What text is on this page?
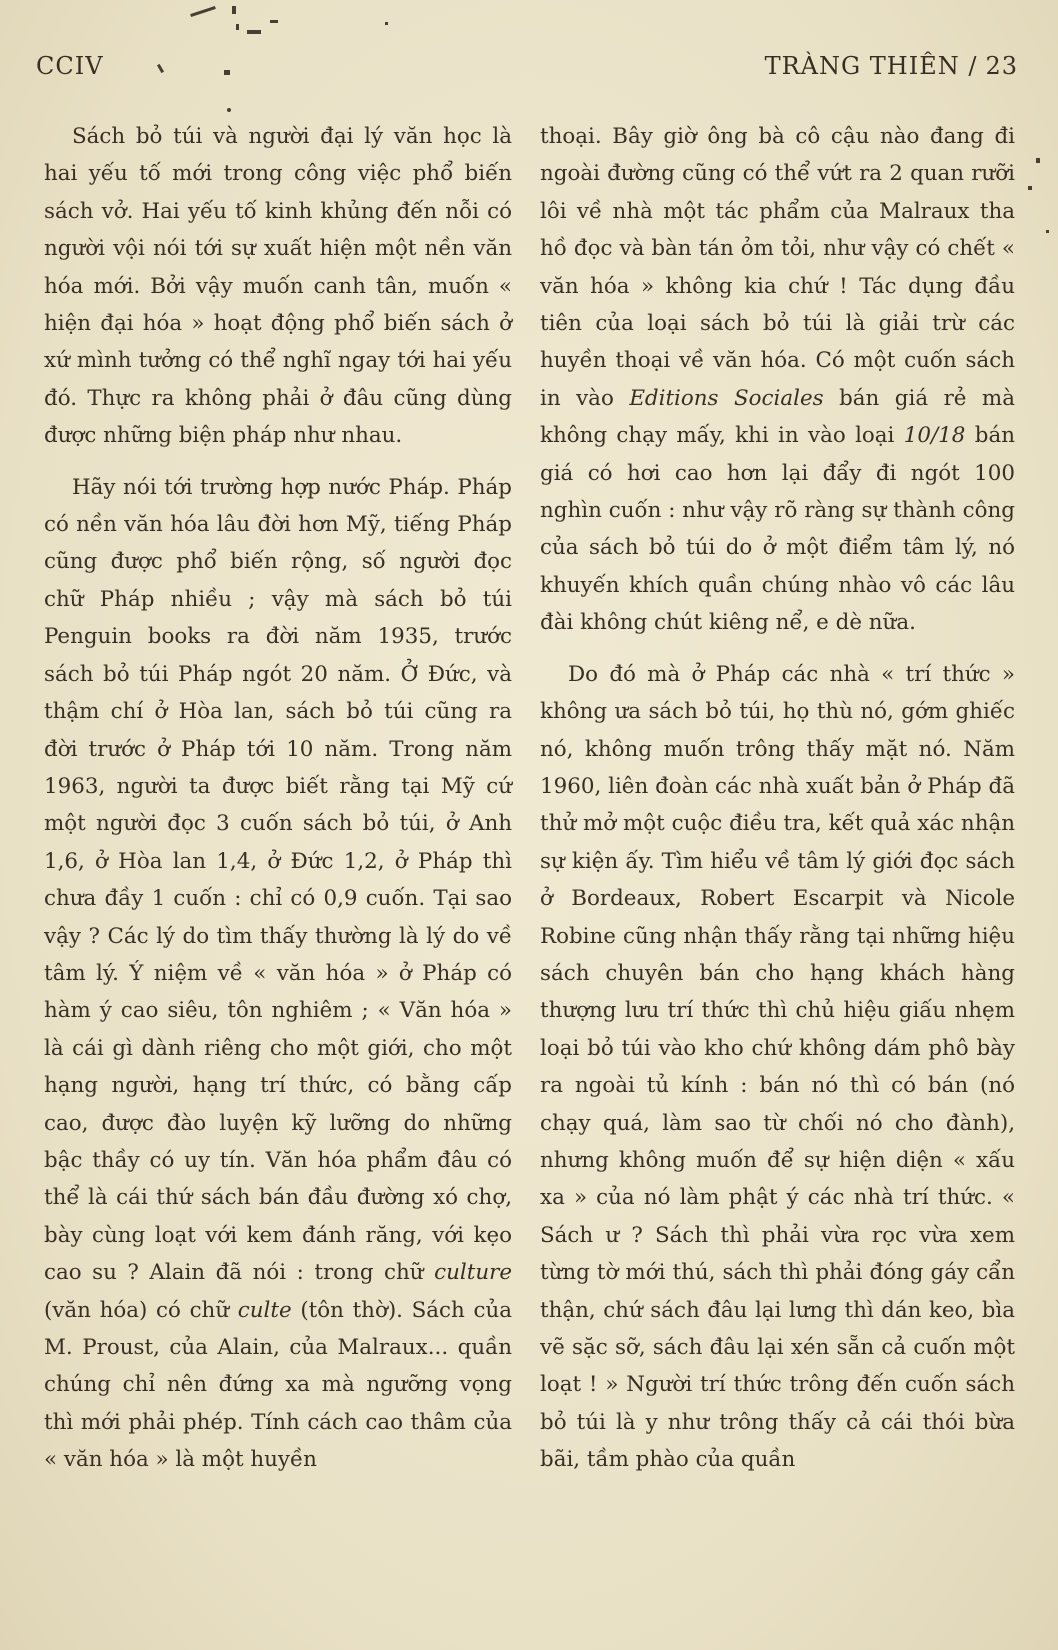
CCIV	TRÀNG THIÊN / 23

Sách bỏ túi và người đại lý văn học là hai yếu tố mới trong công việc phổ biến sách vở. Hai yếu tố kinh khủng đến nỗi có người vội nói tới sự xuất hiện một nền văn hóa mới. Bởi vậy muốn canh tân, muốn « hiện đại hóa » hoạt động phổ biến sách ở xứ mình tưởng có thể nghĩ ngay tới hai yếu đó. Thực ra không phải ở đâu cũng dùng được những biện pháp như nhau.

Hãy nói tới trường hợp nước Pháp. Pháp có nền văn hóa lâu đời hơn Mỹ, tiếng Pháp cũng được phổ biến rộng, số người đọc chữ Pháp nhiều ; vậy mà sách bỏ túi Penguin books ra đời năm 1935, trước sách bỏ túi Pháp ngót 20 năm. Ở Đức, và thậm chí ở Hòa lan, sách bỏ túi cũng ra đời trước ở Pháp tới 10 năm. Trong năm 1963, người ta được biết rằng tại Mỹ cứ một người đọc 3 cuốn sách bỏ túi, ở Anh 1,6, ở Hòa lan 1,4, ở Đức 1,2, ở Pháp thì chưa đầy 1 cuốn : chỉ có 0,9 cuốn. Tại sao vậy ? Các lý do tìm thấy thường là lý do về tâm lý. Ý niệm về « văn hóa » ở Pháp có hàm ý cao siêu, tôn nghiêm ; « Văn hóa » là cái gì dành riêng cho một giới, cho một hạng người, hạng trí thức, có bằng cấp cao, được đào luyện kỹ lưỡng do những bậc thầy có uy tín. Văn hóa phẩm đâu có thể là cái thứ sách bán đầu đường xó chợ, bày cùng loạt với kem đánh răng, với kẹo cao su ? Alain đã nói : trong chữ culture (văn hóa) có chữ culte (tôn thờ). Sách của M. Proust, của Alain, của Malraux... quần chúng chỉ nên đứng xa mà ngưỡng vọng thì mới phải phép. Tính cách cao thâm của « văn hóa » là một huyền

thoại. Bây giờ ông bà cô cậu nào đang đi ngoài đường cũng có thể vứt ra 2 quan rưỡi lôi về nhà một tác phẩm của Malraux tha hồ đọc và bàn tán ỏm tỏi, như vậy có chết « văn hóa » không kia chứ ! Tác dụng đầu tiên của loại sách bỏ túi là giải trừ các huyền thoại về văn hóa. Có một cuốn sách in vào Editions Sociales bán giá rẻ mà không chạy mấy, khi in vào loại 10/18 bán giá có hơi cao hơn lại đẩy đi ngót 100 nghìn cuốn : như vậy rõ ràng sự thành công của sách bỏ túi do ở một điểm tâm lý, nó khuyến khích quần chúng nhào vô các lâu đài không chút kiêng nể, e dè nữa.

Do đó mà ở Pháp các nhà « trí thức » không ưa sách bỏ túi, họ thù nó, gớm ghiếc nó, không muốn trông thấy mặt nó. Năm 1960, liên đoàn các nhà xuất bản ở Pháp đã thử mở một cuộc điều tra, kết quả xác nhận sự kiện ấy. Tìm hiểu về tâm lý giới đọc sách ở Bordeaux, Robert Escarpit và Nicole Robine cũng nhận thấy rằng tại những hiệu sách chuyên bán cho hạng khách hàng thượng lưu trí thức thì chủ hiệu giấu nhẹm loại bỏ túi vào kho chứ không dám phô bày ra ngoài tủ kính : bán nó thì có bán (nó chạy quá, làm sao từ chối nó cho đành), nhưng không muốn để sự hiện diện « xấu xa » của nó làm phật ý các nhà trí thức. « Sách ư ? Sách thì phải vừa rọc vừa xem từng tờ mới thú, sách thì phải đóng gáy cẩn thận, chứ sách đâu lại lưng thì dán keo, bìa vẽ sặc sỡ, sách đâu lại xén sẵn cả cuốn một loạt ! » Người trí thức trông đến cuốn sách bỏ túi là y như trông thấy cả cái thói bừa bãi, tầm phào của quần
